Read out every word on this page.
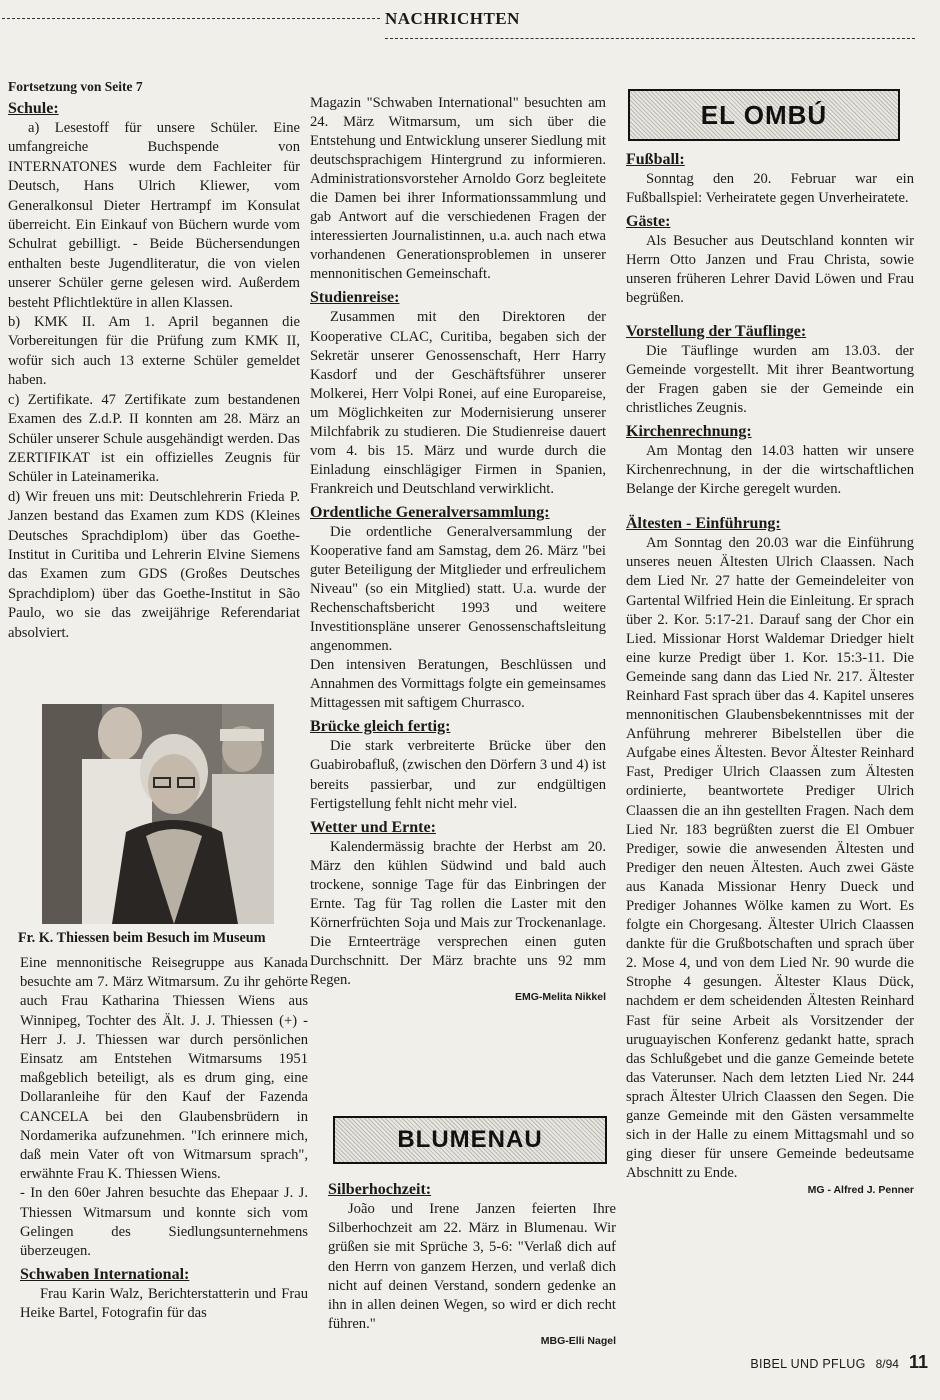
NACHRICHTEN
Fortsetzung von Seite 7
Schule:

a) Lesestoff für unsere Schüler. Eine umfangreiche Buchspende von INTERNATONES wurde dem Fachleiter für Deutsch, Hans Ulrich Kliewer, vom Generalkonsul Dieter Hertrampf im Konsulat überreicht. Ein Einkauf von Büchern wurde vom Schulrat gebilligt. - Beide Büchersendungen enthalten beste Jugendliteratur, die von vielen unserer Schüler gerne gelesen wird. Außerdem besteht Pflichtlektüre in allen Klassen.

b) KMK II. Am 1. April begannen die Vorbereitungen für die Prüfung zum KMK II, wofür sich auch 13 externe Schüler gemeldet haben.

c) Zertifikate. 47 Zertifikate zum bestandenen Examen des Z.d.P. II konnten am 28. März an Schüler unserer Schule ausgehändigt werden. Das ZERTIFIKAT ist ein offizielles Zeugnis für Schüler in Lateinamerika.

d) Wir freuen uns mit: Deutschlehrerin Frieda P. Janzen bestand das Examen zum KDS (Kleines Deutsches Sprachdiplom) über das Goethe-Institut in Curitiba und Lehrerin Elvine Siemens das Examen zum GDS (Großes Deutsches Sprachdiplom) über das Goethe-Institut in São Paulo, wo sie das zweijährige Referendariat absolviert.

Fr. K. Thiessen beim Besuch im Museum

Eine mennonitische Reisegruppe aus Kanada besuchte am 7. März Witmarsum. Zu ihr gehörte auch Frau Katharina Thiessen Wiens aus Winnipeg, Tochter des Ält. J. J. Thiessen (+) - Herr J. J. Thiessen war durch persönlichen Einsatz am Entstehen Witmarsums 1951 maßgeblich beteiligt, als es drum ging, eine Dollaranleihe für den Kauf der Fazenda CANCELA bei den Glaubensbrüdern in Nordamerika aufzunehmen. "Ich erinnere mich, daß mein Vater oft von Witmarsum sprach", erwähnte Frau K. Thiessen Wiens.

- In den 60er Jahren besuchte das Ehepaar J. J. Thiessen Witmarsum und konnte sich vom Gelingen des Siedlungsunternehmens überzeugen.

Schwaben International:

Frau Karin Walz, Berichterstatterin und Frau Heike Bartel, Fotografin für das

Magazin "Schwaben International" besuchten am 24. März Witmarsum, um sich über die Entstehung und Entwicklung unserer Siedlung mit deutschsprachigem Hintergrund zu informieren. Administrationsvorsteher Arnoldo Gorz begleitete die Damen bei ihrer Informationssammlung und gab Antwort auf die verschiedenen Fragen der interessierten Journalistinnen, u.a. auch nach etwa vorhandenen Generationsproblemen in unserer mennonitischen Gemeinschaft.

Studienreise:

Zusammen mit den Direktoren der Kooperative CLAC, Curitiba, begaben sich der Sekretär unserer Genossenschaft, Herr Harry Kasdorf und der Geschäftsführer unserer Molkerei, Herr Volpi Ronei, auf eine Europareise, um Möglichkeiten zur Modernisierung unserer Milchfabrik zu studieren. Die Studienreise dauert vom 4. bis 15. März und wurde durch die Einladung einschlägiger Firmen in Spanien, Frankreich und Deutschland verwirklicht.

Ordentliche Generalversammlung:

Die ordentliche Generalversammlung der Kooperative fand am Samstag, dem 26. März "bei guter Beteiligung der Mitglieder und erfreulichem Niveau" (so ein Mitglied) statt. U.a. wurde der Rechenschaftsbericht 1993 und weitere Investitionspläne unserer Genossenschaftsleitung angenommen.

Den intensiven Beratungen, Beschlüssen und Annahmen des Vormittags folgte ein gemeinsames Mittagessen mit saftigem Churrasco.

Brücke gleich fertig:

Die stark verbreiterte Brücke über den Guabirobafluß, (zwischen den Dörfern 3 und 4) ist bereits passierbar, und zur endgültigen Fertigstellung fehlt nicht mehr viel.

Wetter und Ernte:

Kalendermässig brachte der Herbst am 20. März den kühlen Südwind und bald auch trockene, sonnige Tage für das Einbringen der Ernte. Tag für Tag rollen die Laster mit den Körnerfrüchten Soja und Mais zur Trockenanlage. Die Ernteerträge versprechen einen guten Durchschnitt. Der März brachte uns 92 mm Regen.

EMG-Melita Nikkel
BLUMENAU
Silberhochzeit:

João und Irene Janzen feierten Ihre Silberhochzeit am 22. März in Blumenau. Wir grüßen sie mit Sprüche 3, 5-6: "Verlaß dich auf den Herrn von ganzem Herzen, und verlaß dich nicht auf deinen Verstand, sondern gedenke an ihn in allen deinen Wegen, so wird er dich recht führen."

MBG-Elli Nagel
EL OMBÚ
Fußball:

Sonntag den 20. Februar war ein Fußballspiel: Verheiratete gegen Unverheiratete.

Gäste:

Als Besucher aus Deutschland konnten wir Herrn Otto Janzen und Frau Christa, sowie unseren früheren Lehrer David Löwen und Frau begrüßen.

Vorstellung der Täuflinge:

Die Täuflinge wurden am 13.03. der Gemeinde vorgestellt. Mit ihrer Beantwortung der Fragen gaben sie der Gemeinde ein christliches Zeugnis.

Kirchenrechnung:

Am Montag den 14.03 hatten wir unsere Kirchenrechnung, in der die wirtschaftlichen Belange der Kirche geregelt wurden.

Ältesten - Einführung:

Am Sonntag den 20.03 war die Einführung unseres neuen Ältesten Ulrich Claassen. Nach dem Lied Nr. 27 hatte der Gemeindeleiter von Gartental Wilfried Hein die Einleitung. Er sprach über 2. Kor. 5:17-21. Darauf sang der Chor ein Lied. Missionar Horst Waldemar Driedger hielt eine kurze Predigt über 1. Kor. 15:3-11. Die Gemeinde sang dann das Lied Nr. 217. Ältester Reinhard Fast sprach über das 4. Kapitel unseres mennonitischen Glaubensbekenntnisses mit der Anführung mehrerer Bibelstellen über die Aufgabe eines Ältesten. Bevor Ältester Reinhard Fast, Prediger Ulrich Claassen zum Ältesten ordinierte, beantwortete Prediger Ulrich Claassen die an ihn gestellten Fragen. Nach dem Lied Nr. 183 begrüßten zuerst die El Ombuer Prediger, sowie die anwesenden Ältesten und Prediger den neuen Ältesten. Auch zwei Gäste aus Kanada Missionar Henry Dueck und Prediger Johannes Wölke kamen zu Wort. Es folgte ein Chorgesang. Ältester Ulrich Claassen dankte für die Grußbotschaften und sprach über 2. Mose 4, und von dem Lied Nr. 90 wurde die Strophe 4 gesungen. Ältester Klaus Dück, nachdem er dem scheidenden Ältesten Reinhard Fast für seine Arbeit als Vorsitzender der uruguayischen Konferenz gedankt hatte, sprach das Schlußgebet und die ganze Gemeinde betete das Vaterunser. Nach dem letzten Lied Nr. 244 sprach Ältester Ulrich Claassen den Segen. Die ganze Gemeinde mit den Gästen versammelte sich in der Halle zu einem Mittagsmahl und so ging dieser für unsere Gemeinde bedeutsame Abschnitt zu Ende.

MG - Alfred J. Penner
BIBEL UND PFLUG 8/94 11
